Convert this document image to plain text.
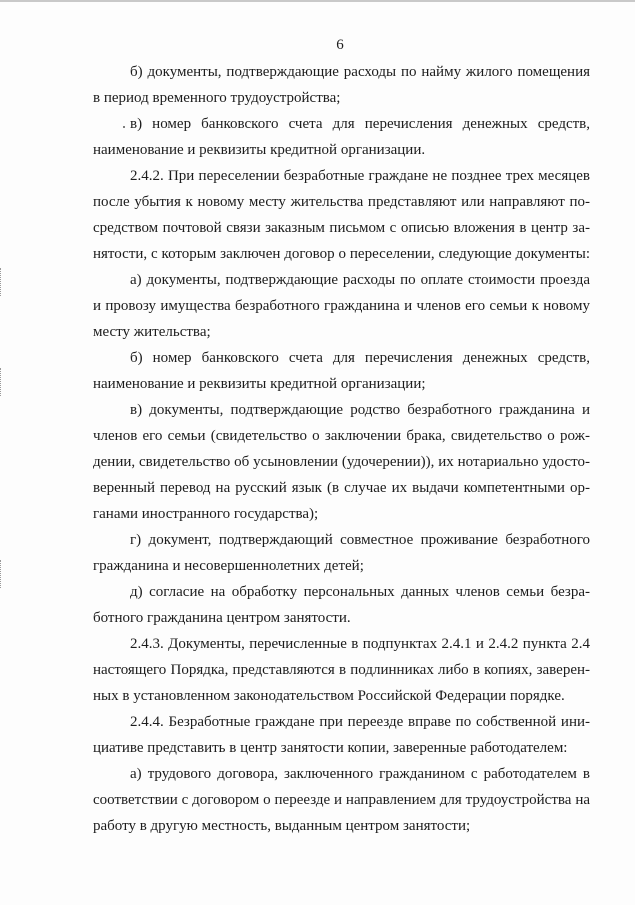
6

б) документы, подтверждающие расходы по найму жилого помещения

в период временного трудоустройства;

в) номер банковского счета для перечисления денежных средств,

наименование и реквизиты кредитной организации.

2.4.2. При переселении безработные граждане не позднее трех месяцев

после убытия к новому месту жительства представляют или направляют по-

средством почтовой связи заказным письмом с описью вложения в центр за-

нятости, с которым заключен договор о переселении, следующие документы:

а) документы, подтверждающие расходы по оплате стоимости проезда

и провозу имущества безработного гражданина и членов его семьи к новому

месту жительства;

б) номер банковского счета для перечисления денежных средств,

наименование и реквизиты кредитной организации;

в) документы, подтверждающие родство безработного гражданина и

членов его семьи (свидетельство о заключении брака, свидетельство о рож-

дении, свидетельство об усыновлении (удочерении)), их нотариально удосто-

веренный перевод на русский язык (в случае их выдачи компетентными ор-

ганами иностранного государства);

г) документ, подтверждающий совместное проживание безработного

гражданина и несовершеннолетних детей;

д) согласие на обработку персональных данных членов семьи безра-

ботного гражданина центром занятости.

2.4.3. Документы, перечисленные в подпунктах 2.4.1 и 2.4.2 пункта 2.4

настоящего Порядка, представляются в подлинниках либо в копиях, заверен-

ных в установленном законодательством Российской Федерации порядке.

2.4.4. Безработные граждане при переезде вправе по собственной ини-

циативе представить в центр занятости копии, заверенные работодателем:

а) трудового договора, заключенного гражданином с работодателем в

соответствии с договором о переезде и направлением для трудоустройства на

работу в другую местность, выданным центром занятости;
